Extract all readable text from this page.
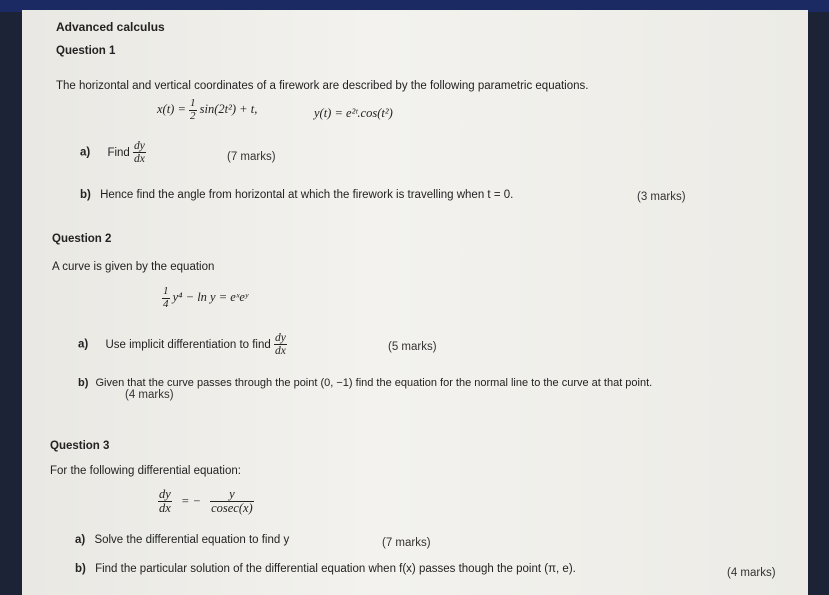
Advanced calculus
Question 1
The horizontal and vertical coordinates of a firework are described by the following parametric equations.
$x(t) = \frac{1}{2} \sin(2t^2) + t$,	y(t) = e²ᵗ.cos(t²)
a) Find $\frac{dy}{dx}$	(7 marks)
b) Hence find the angle from horizontal at which the firework is travelling when t = 0.	(3 marks)
Question 2
A curve is given by the equation
$\frac{1}{4} y^4 - \ln y$ = eˣeʸ
a) Use implicit differentiation to find $\frac{dy}{dx}$	(5 marks)
b) Given that the curve passes through the point (0, −1) find the equation for the normal line to the curve at that point.
(4 marks)
Question 3
For the following differential equation:
$\frac{dy}{dx}$ = − $\frac{y}{cosec(x)}$
a) Solve the differential equation to find y	(7 marks)
b) Find the particular solution of the differential equation when f(x) passes though the point (π, e).	(4 marks)
